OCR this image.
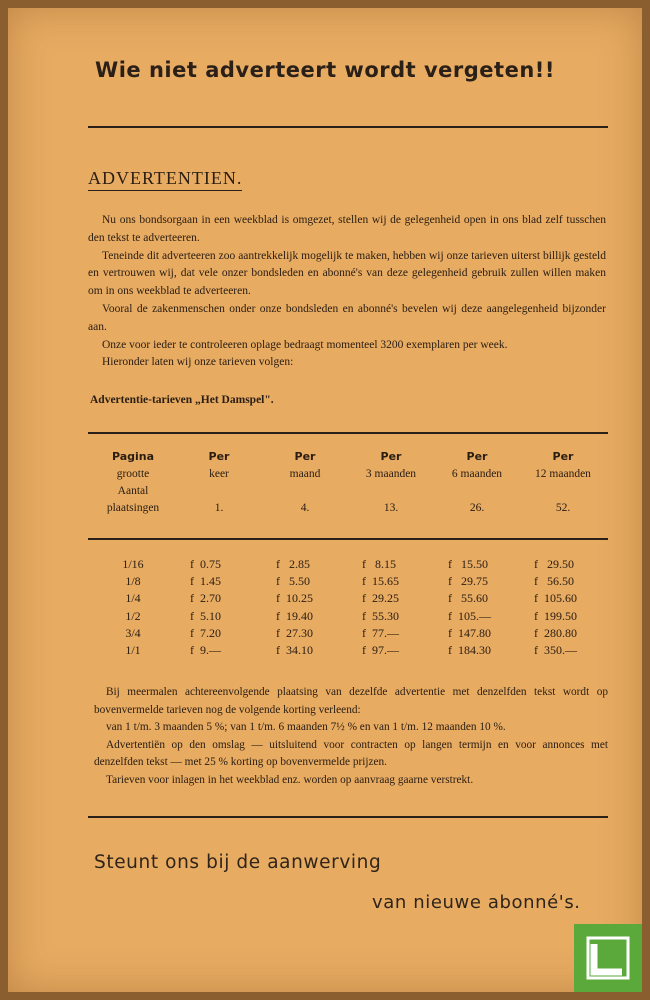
Wie niet adverteert wordt vergeten!!
ADVERTENTIEN.

Nu ons bondsorgaan in een weekblad is omgezet, stellen wij de gelegenheid open in ons blad zelf tusschen den tekst te adverteeren.

Teneinde dit adverteeren zoo aantrekkelijk mogelijk te maken, hebben wij onze tarieven uiterst billijk gesteld en vertrouwen wij, dat vele onzer bondsleden en abonné's van deze gelegenheid gebruik zullen willen maken om in ons weekblad te adverteeren.

Vooral de zakenmenschen onder onze bondsleden en abonné's bevelen wij deze aangelegenheid bijzonder aan.

Onze voor ieder te controleeren oplage bedraagt momenteel 3200 exemplaren per week.

Hieronder laten wij onze tarieven volgen:

Advertentie-tarieven „Het Damspel".
Pagina	Per	Per	Per	Per	Per
grootte	keer	maand	3 maanden	6 maanden	12 maanden
Aantal					
plaatsingen	1.	4.	13.	26.	52.
1/16	f  0.75	f   2.85	f   8.15	f   15.50	f   29.50
1/8	f  1.45	f   5.50	f  15.65	f   29.75	f   56.50
1/4	f  2.70	f  10.25	f  29.25	f   55.60	f  105.60
1/2	f  5.10	f  19.40	f  55.30	f  105.—	f  199.50
3/4	f  7.20	f  27.30	f  77.—	f  147.80	f  280.80
1/1	f  9.—	f  34.10	f  97.—	f  184.30	f  350.—

Bij meermalen achtereenvolgende plaatsing van dezelfde advertentie met denzelfden tekst wordt op bovenvermelde tarieven nog de volgende korting verleend:

van 1 t/m. 3 maanden 5 %; van 1 t/m. 6 maanden 7½ % en van 1 t/m. 12 maanden 10 %.

Advertentiën op den omslag — uitsluitend voor contracten op langen termijn en voor annonces met denzelfden tekst — met 25 % korting op bovenvermelde prijzen.

Tarieven voor inlagen in het weekblad enz. worden op aanvraag gaarne verstrekt.

Steunt ons bij de aanwerving
van nieuwe abonné's.
